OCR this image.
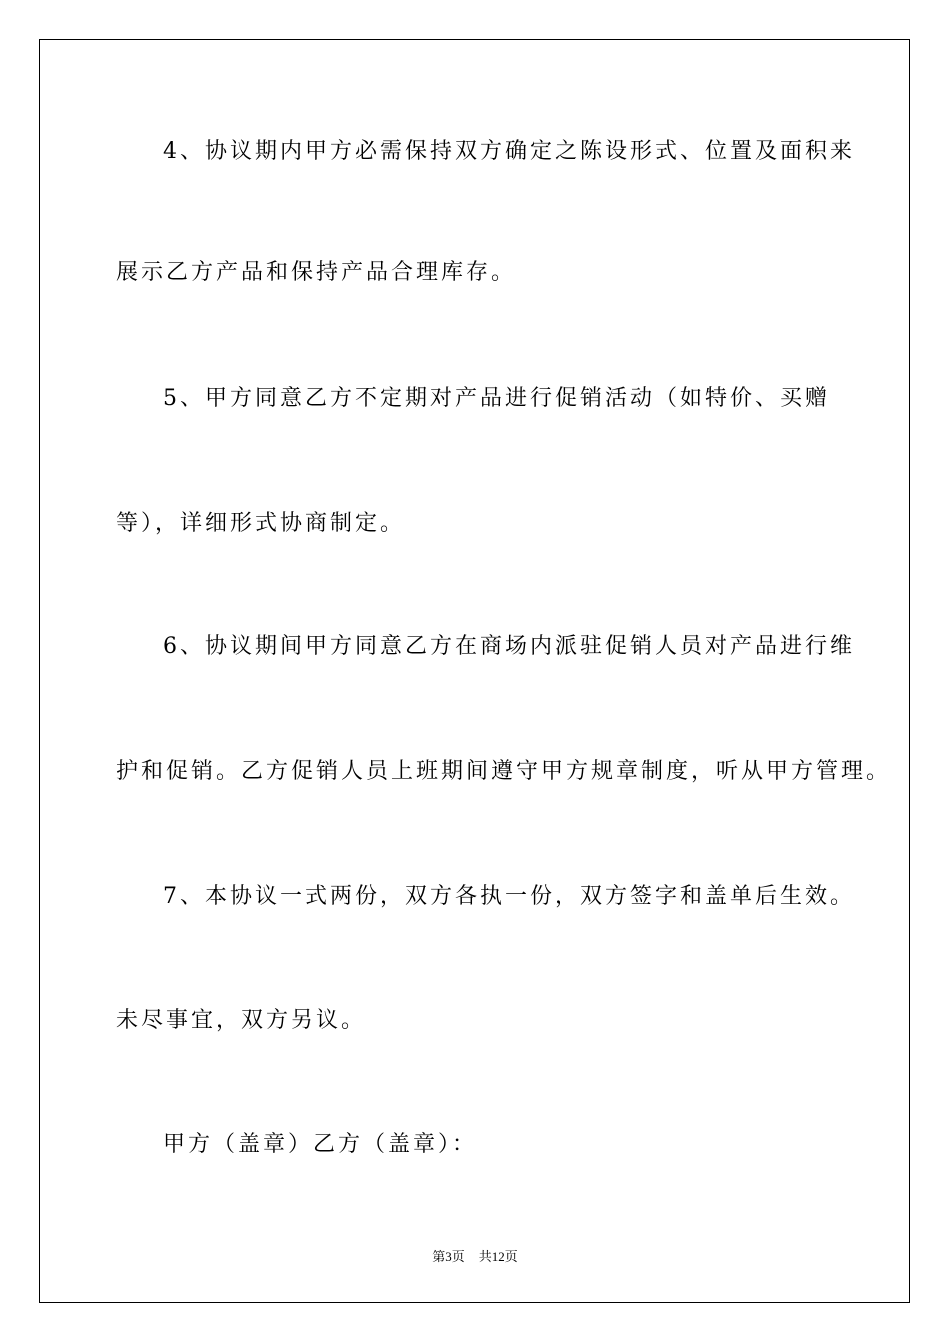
4、协议期内甲方必需保持双方确定之陈设形式、位置及面积来
展示乙方产品和保持产品合理库存。
5、甲方同意乙方不定期对产品进行促销活动（如特价、买赠
等），详细形式协商制定。
6、协议期间甲方同意乙方在商场内派驻促销人员对产品进行维
护和促销。乙方促销人员上班期间遵守甲方规章制度，听从甲方管理。
7、本协议一式两份，双方各执一份，双方签字和盖单后生效。
未尽事宜，双方另议。
甲方（盖章）乙方（盖章）：
第3页 共12页
